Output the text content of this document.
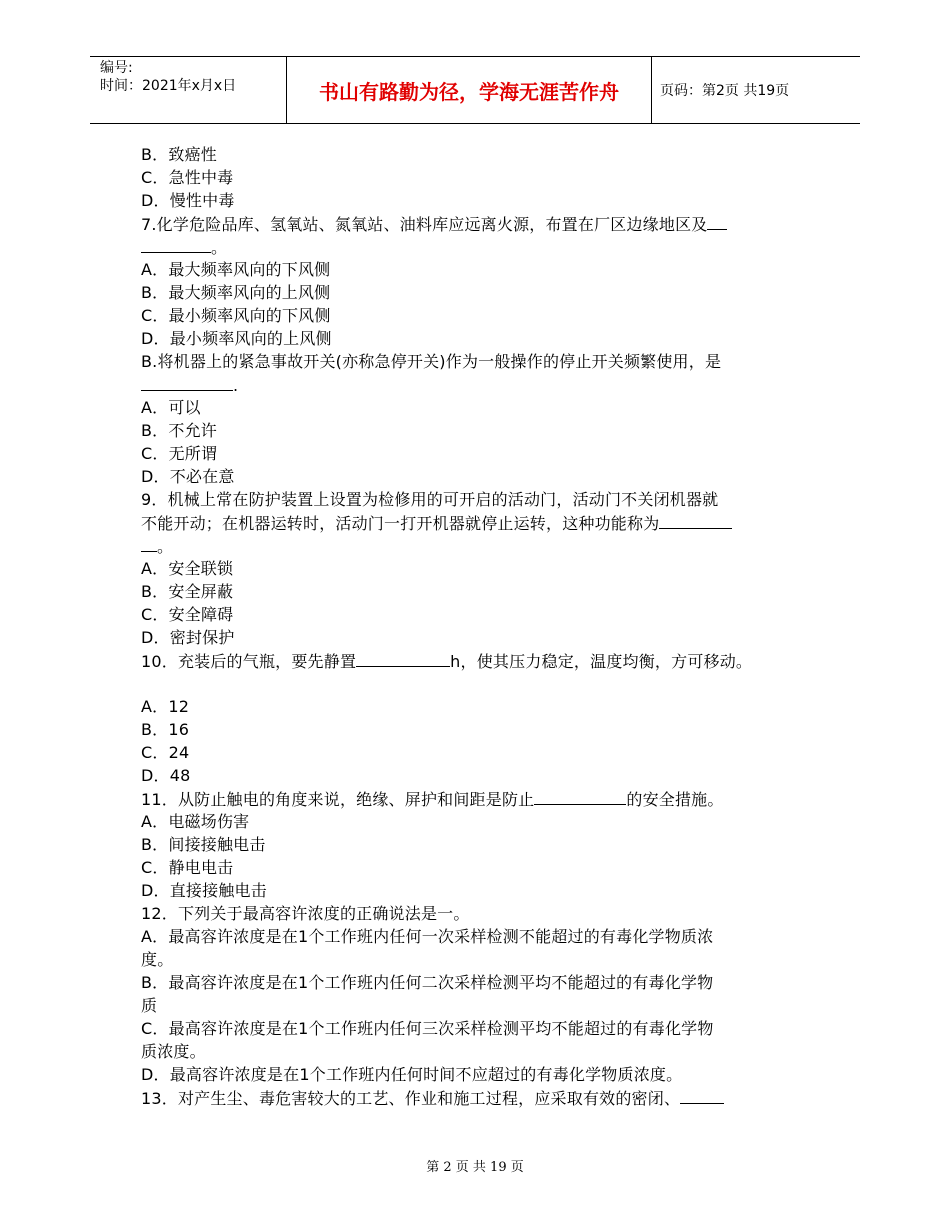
编号:
时间：2021年x月x日	书山有路勤为径，学海无涯苦作舟	页码：第2页 共19页
B．致癌性
C．急性中毒
D．慢性中毒
7.化学危险品库、氢氧站、氮氧站、油料库应远离火源，布置在厂区边缘地区及
。
A．最大频率风向的下风侧
B．最大频率风向的上风侧
C．最小频率风向的下风侧
D．最小频率风向的上风侧
B.将机器上的紧急事故开关(亦称急停开关)作为一般操作的停止开关频繁使用，是
.
A．可以
B．不允许
C．无所谓
D．不必在意
9．机械上常在防护装置上设置为检修用的可开启的活动门，活动门不关闭机器就
不能开动；在机器运转时，活动门一打开机器就停止运转，这种功能称为
。
A．安全联锁
B．安全屏蔽
C．安全障碍
D．密封保护
10．充装后的气瓶，要先静置	h，使其压力稳定，温度均衡，方可移动。
A．12
B．16
C．24
D．48
11．从防止触电的角度来说，绝缘、屏护和间距是防止	的安全措施。
A．电磁场伤害
B．间接接触电击
C．静电电击
D．直接接触电击
12．下列关于最高容许浓度的正确说法是一。
A．最高容许浓度是在1个工作班内任何一次采样检测不能超过的有毒化学物质浓
度。
B．最高容许浓度是在1个工作班内任何二次采样检测平均不能超过的有毒化学物
质
C．最高容许浓度是在1个工作班内任何三次采样检测平均不能超过的有毒化学物
质浓度。
D．最高容许浓度是在1个工作班内任何时间不应超过的有毒化学物质浓度。
13．对产生尘、毒危害较大的工艺、作业和施工过程，应采取有效的密闭、
第 2 页 共 19 页
